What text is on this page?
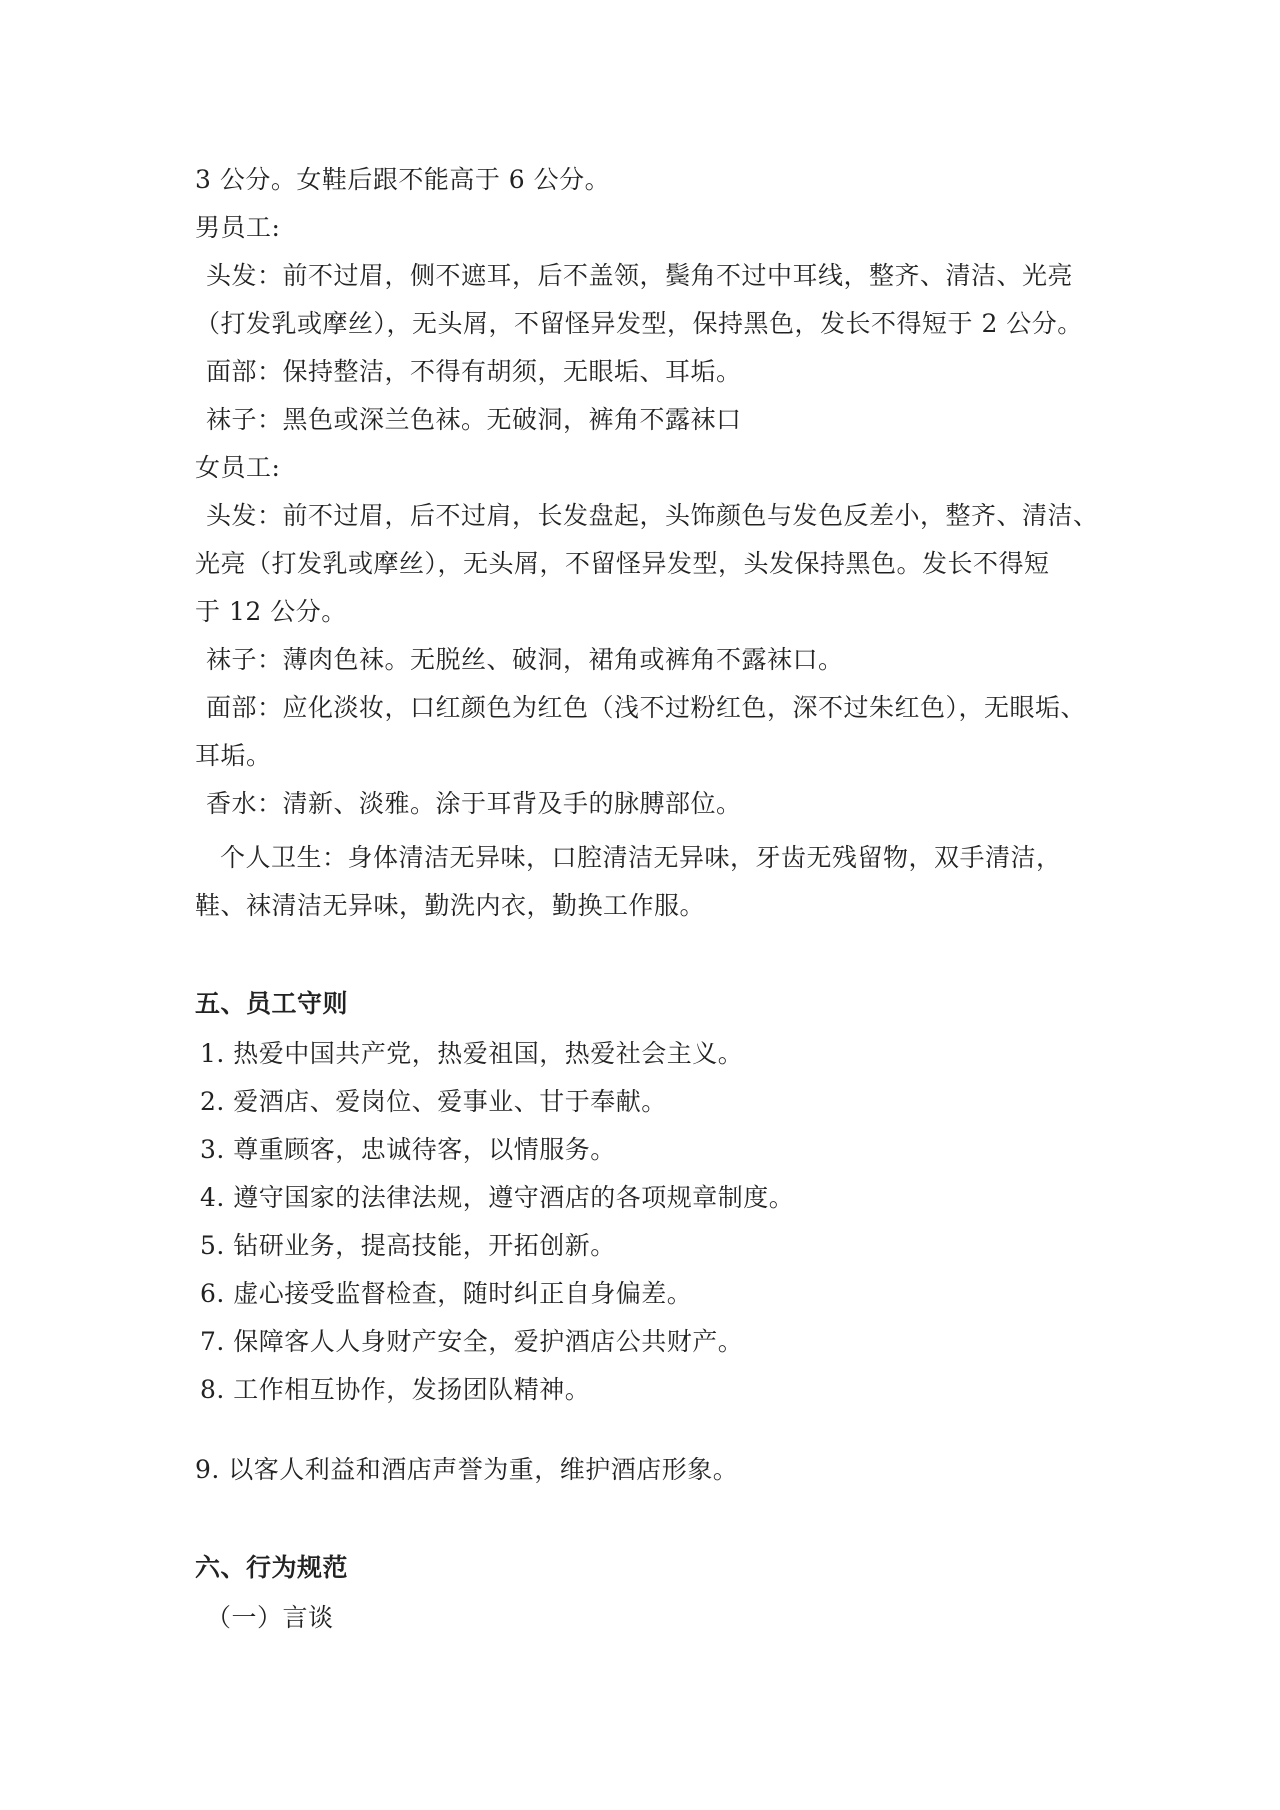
3 公分。女鞋后跟不能高于 6 公分。
男员工:
头发：前不过眉，侧不遮耳，后不盖领，鬓角不过中耳线，整齐、清洁、光亮
（打发乳或摩丝），无头屑，不留怪异发型，保持黑色，发长不得短于 2 公分。
面部：保持整洁，不得有胡须，无眼垢、耳垢。
袜子：黑色或深兰色袜。无破洞，裤角不露袜口
女员工:
头发：前不过眉，后不过肩，长发盘起，头饰颜色与发色反差小，整齐、清洁、
光亮（打发乳或摩丝），无头屑，不留怪异发型，头发保持黑色。发长不得短
于 12 公分。
袜子：薄肉色袜。无脱丝、破洞，裙角或裤角不露袜口。
面部：应化淡妆，口红颜色为红色（浅不过粉红色，深不过朱红色），无眼垢、
耳垢。
香水：清新、淡雅。涂于耳背及手的脉膊部位。
个人卫生：身体清洁无异味，口腔清洁无异味，牙齿无残留物，双手清洁，
鞋、袜清洁无异味，勤洗内衣，勤换工作服。
五、员工守则
1. 热爱中国共产党，热爱祖国，热爱社会主义。
2. 爱酒店、爱岗位、爱事业、甘于奉献。
3. 尊重顾客，忠诚待客，以情服务。
4. 遵守国家的法律法规，遵守酒店的各项规章制度。
5. 钻研业务，提高技能，开拓创新。
6. 虚心接受监督检查，随时纠正自身偏差。
7. 保障客人人身财产安全，爱护酒店公共财产。
8. 工作相互协作，发扬团队精神。
9. 以客人利益和酒店声誉为重，维护酒店形象。
六、行为规范
（一）言谈
